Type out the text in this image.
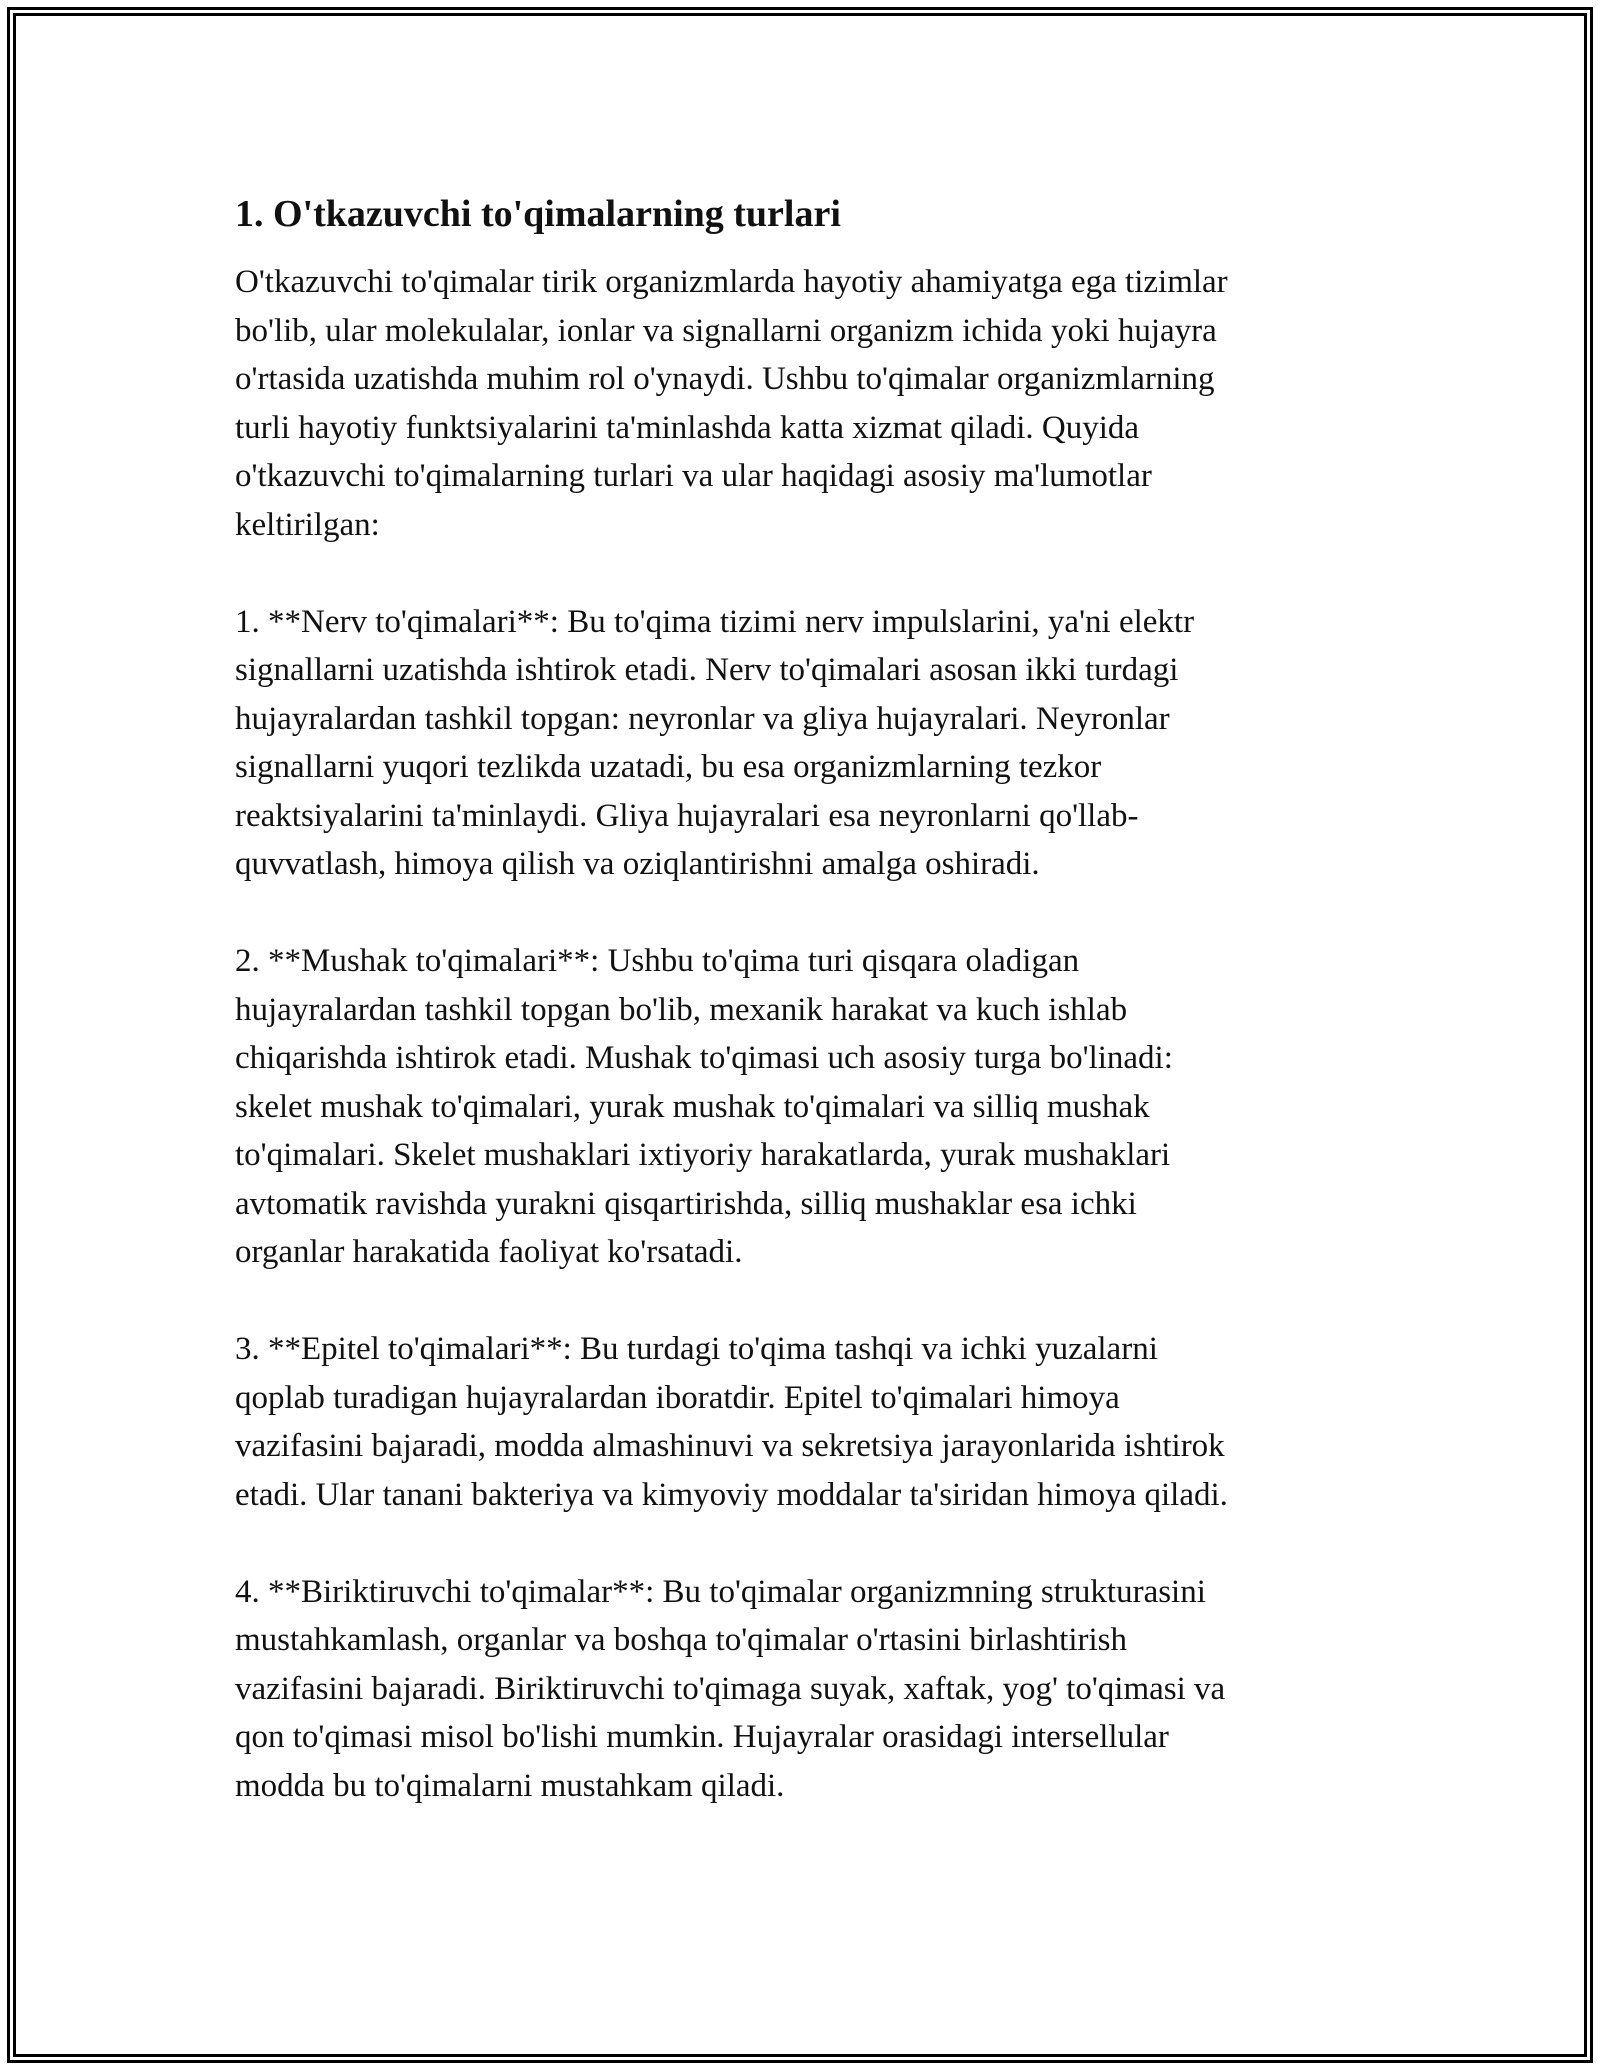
1. O'tkazuvchi to'qimalarning turlari

O'tkazuvchi to'qimalar tirik organizmlarda hayotiy ahamiyatga ega tizimlar
bo'lib, ular molekulalar, ionlar va signallarni organizm ichida yoki hujayra
o'rtasida uzatishda muhim rol o'ynaydi. Ushbu to'qimalar organizmlarning
turli hayotiy funktsiyalarini ta'minlashda katta xizmat qiladi. Quyida
o'tkazuvchi to'qimalarning turlari va ular haqidagi asosiy ma'lumotlar
keltirilgan:

1. **Nerv to'qimalari**: Bu to'qima tizimi nerv impulslarini, ya'ni elektr
signallarni uzatishda ishtirok etadi. Nerv to'qimalari asosan ikki turdagi
hujayralardan tashkil topgan: neyronlar va gliya hujayralari. Neyronlar
signallarni yuqori tezlikda uzatadi, bu esa organizmlarning tezkor
reaktsiyalarini ta'minlaydi. Gliya hujayralari esa neyronlarni qo'llab-
quvvatlash, himoya qilish va oziqlantirishni amalga oshiradi.

2. **Mushak to'qimalari**: Ushbu to'qima turi qisqara oladigan
hujayralardan tashkil topgan bo'lib, mexanik harakat va kuch ishlab
chiqarishda ishtirok etadi. Mushak to'qimasi uch asosiy turga bo'linadi:
skelet mushak to'qimalari, yurak mushak to'qimalari va silliq mushak
to'qimalari. Skelet mushaklari ixtiyoriy harakatlarda, yurak mushaklari
avtomatik ravishda yurakni qisqartirishda, silliq mushaklar esa ichki
organlar harakatida faoliyat ko'rsatadi.

3. **Epitel to'qimalari**: Bu turdagi to'qima tashqi va ichki yuzalarni
qoplab turadigan hujayralardan iboratdir. Epitel to'qimalari himoya
vazifasini bajaradi, modda almashinuvi va sekretsiya jarayonlarida ishtirok
etadi. Ular tanani bakteriya va kimyoviy moddalar ta'siridan himoya qiladi.

4. **Biriktiruvchi to'qimalar**: Bu to'qimalar organizmning strukturasini
mustahkamlash, organlar va boshqa to'qimalar o'rtasini birlashtirish
vazifasini bajaradi. Biriktiruvchi to'qimaga suyak, xaftak, yog' to'qimasi va
qon to'qimasi misol bo'lishi mumkin. Hujayralar orasidagi intersellular
modda bu to'qimalarni mustahkam qiladi.
